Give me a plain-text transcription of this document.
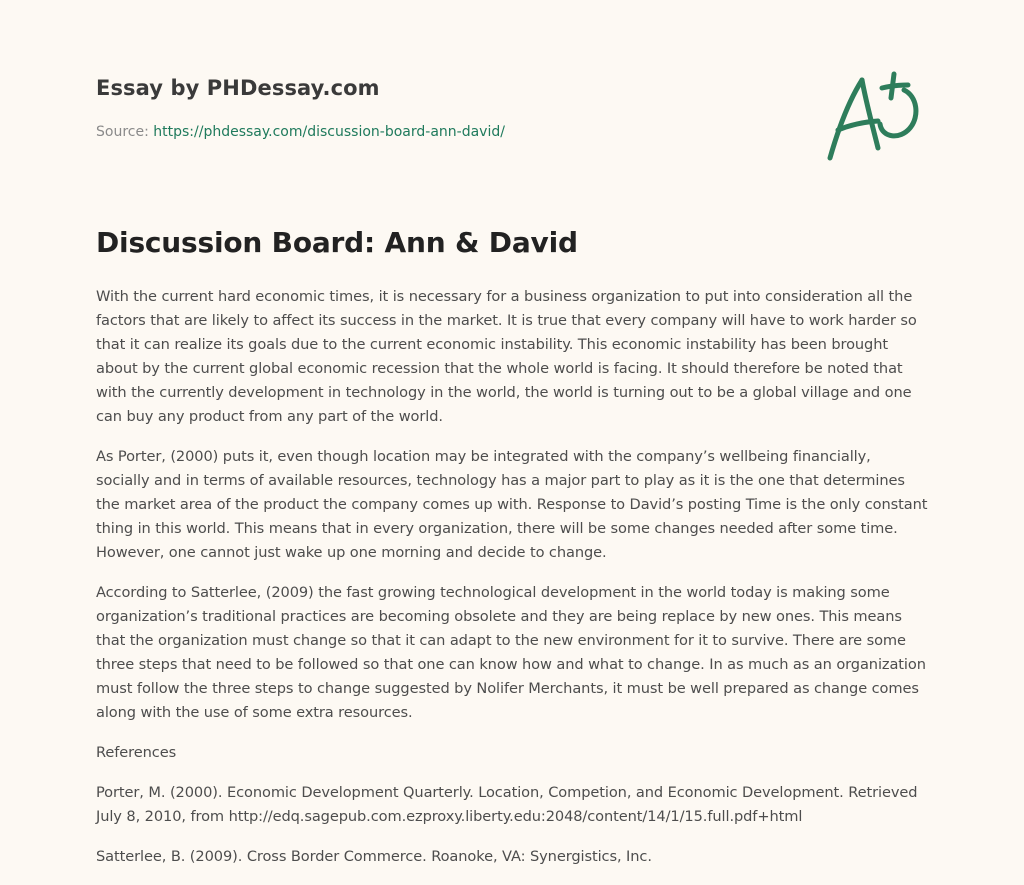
Essay by PHDessay.com
Source: https://phdessay.com/discussion-board-ann-david/
Discussion Board: Ann & David

With the current hard economic times, it is necessary for a business organization to put into consideration all the factors that are likely to affect its success in the market. It is true that every company will have to work harder so that it can realize its goals due to the current economic instability. This economic instability has been brought about by the current global economic recession that the whole world is facing. It should therefore be noted that with the currently development in technology in the world, the world is turning out to be a global village and one can buy any product from any part of the world.

As Porter, (2000) puts it, even though location may be integrated with the company’s wellbeing financially, socially and in terms of available resources, technology has a major part to play as it is the one that determines the market area of the product the company comes up with. Response to David’s posting Time is the only constant thing in this world. This means that in every organization, there will be some changes needed after some time. However, one cannot just wake up one morning and decide to change.

According to Satterlee, (2009) the fast growing technological development in the world today is making some organization’s traditional practices are becoming obsolete and they are being replace by new ones. This means that the organization must change so that it can adapt to the new environment for it to survive. There are some three steps that need to be followed so that one can know how and what to change. In as much as an organization must follow the three steps to change suggested by Nolifer Merchants, it must be well prepared as change comes along with the use of some extra resources.

References

Porter, M. (2000). Economic Development Quarterly. Location, Competion, and Economic Development. Retrieved July 8, 2010, from http://edq.sagepub.com.ezproxy.liberty.edu:2048/content/14/1/15.full.pdf+html

Satterlee, B. (2009). Cross Border Commerce. Roanoke, VA: Synergistics, Inc.
